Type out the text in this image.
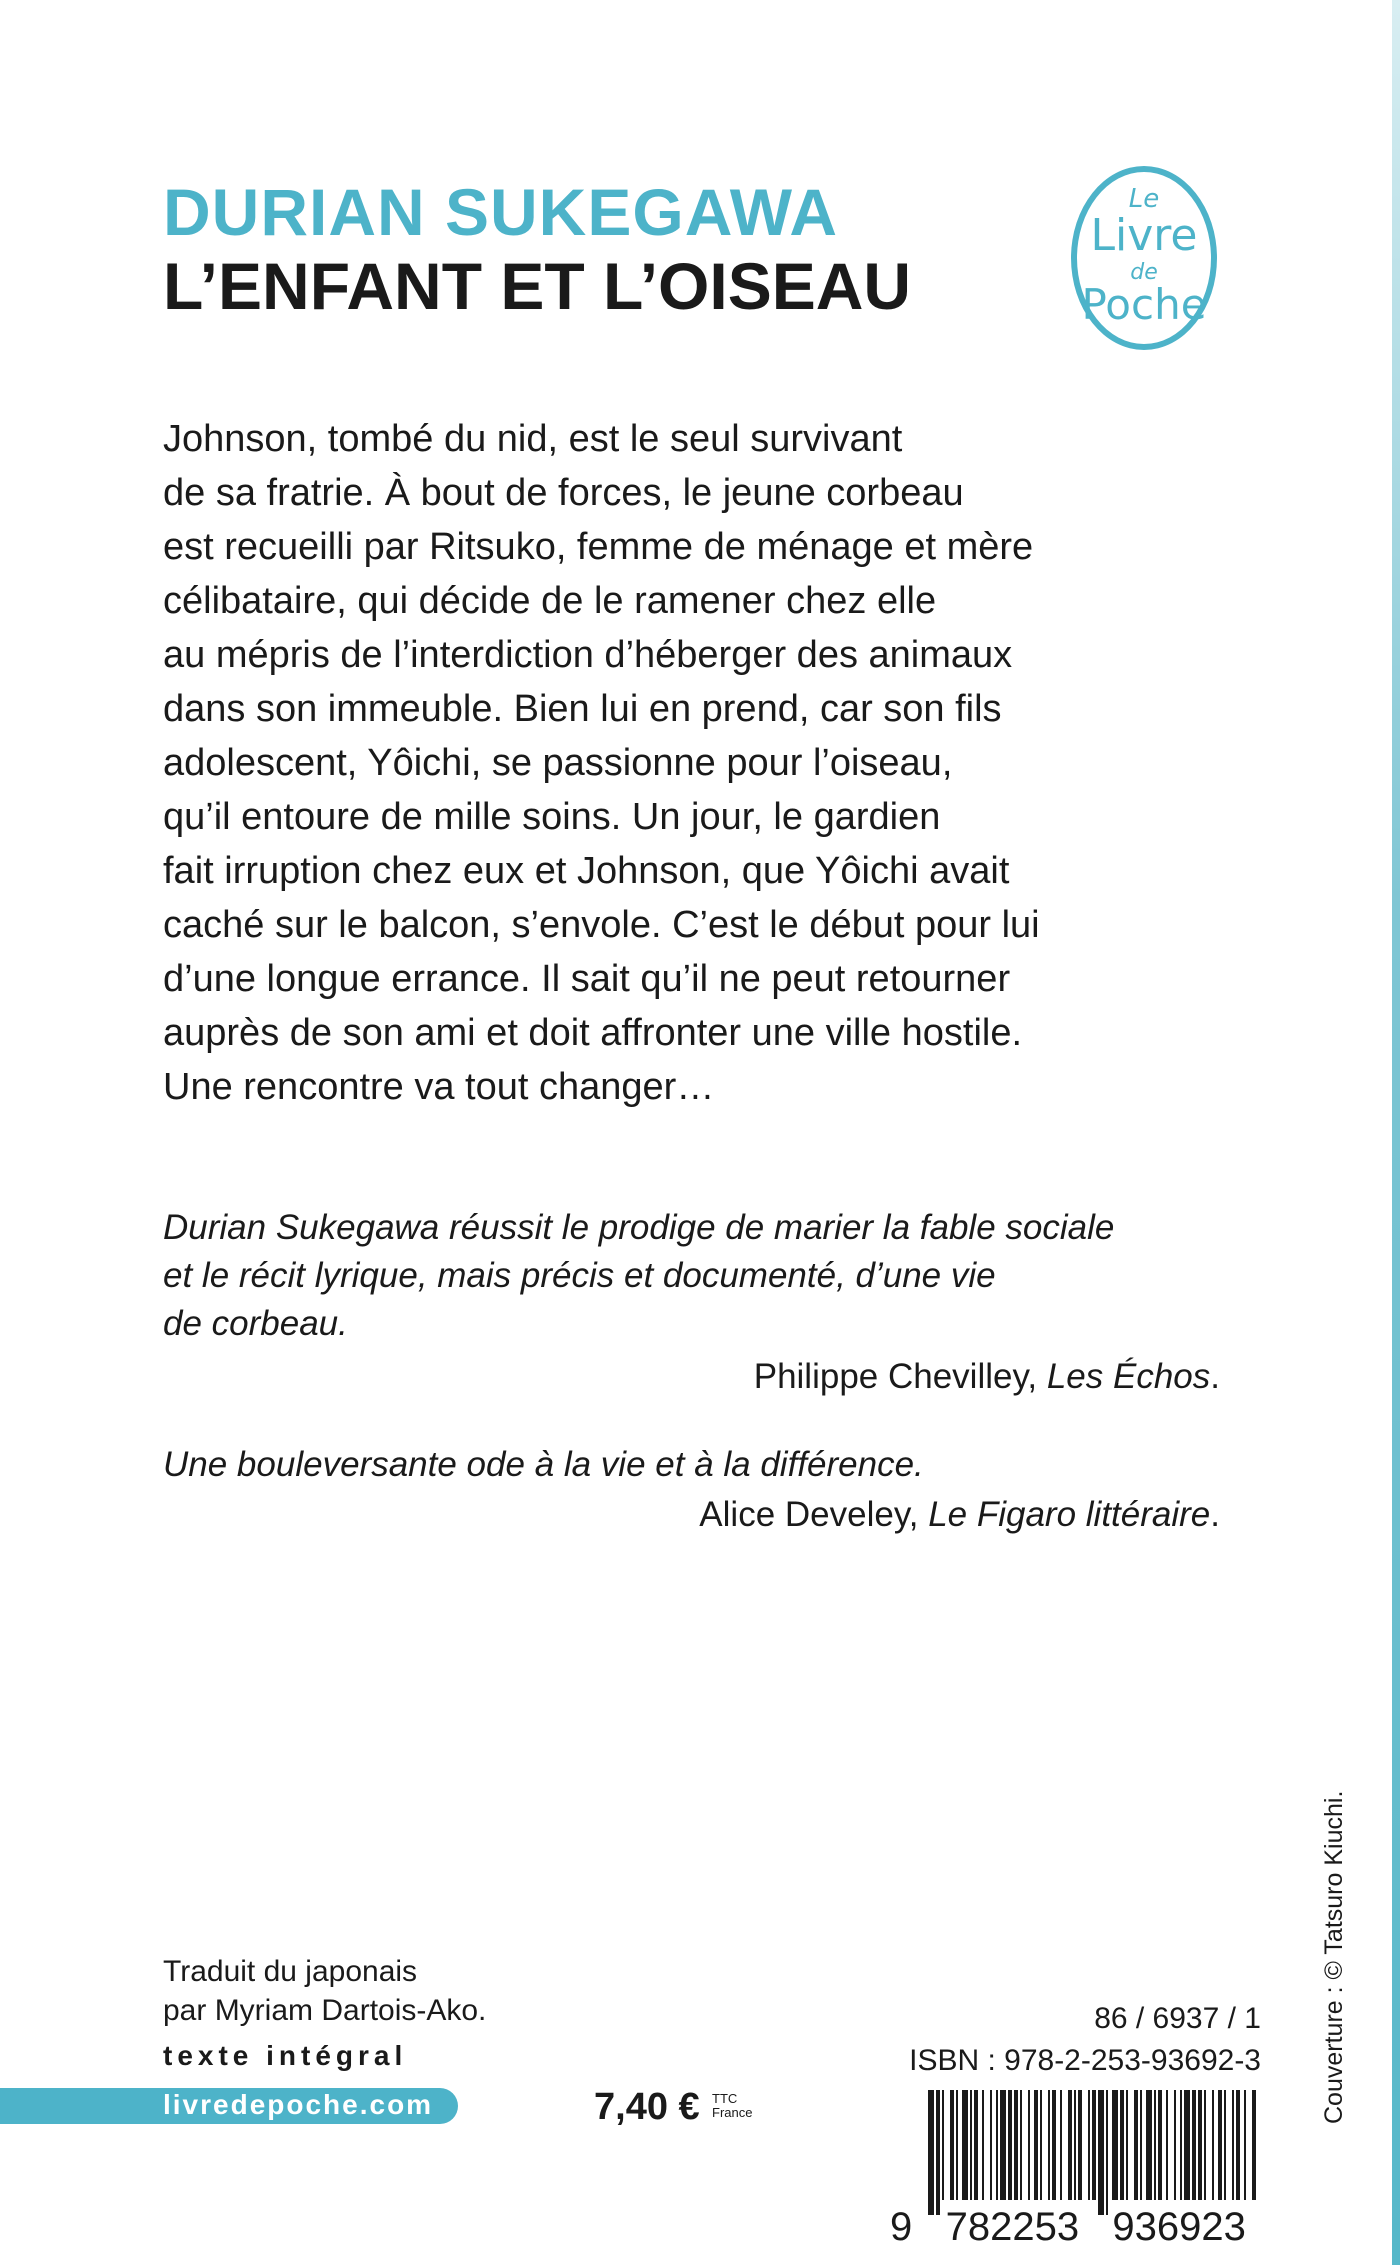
DURIAN SUKEGAWA
L’ENFANT ET L’OISEAU
Le
Livre
de
Poche

Johnson, tombé du nid, est le seul survivant
de sa fratrie. À bout de forces, le jeune corbeau
est recueilli par Ritsuko, femme de ménage et mère
célibataire, qui décide de le ramener chez elle
au mépris de l’interdiction d’héberger des animaux
dans son immeuble. Bien lui en prend, car son fils
adolescent, Yôichi, se passionne pour l’oiseau,
qu’il entoure de mille soins. Un jour, le gardien
fait irruption chez eux et Johnson, que Yôichi avait
caché sur le balcon, s’envole. C’est le début pour lui
d’une longue errance. Il sait qu’il ne peut retourner
auprès de son ami et doit affronter une ville hostile.
Une rencontre va tout changer…

Durian Sukegawa réussit le prodige de marier la fable sociale
et le récit lyrique, mais précis et documenté, d’une vie
de corbeau.

Philippe Chevilley, Les Échos.

Une bouleversante ode à la vie et à la différence.

Alice Develey, Le Figaro littéraire.
Traduit du japonais
par Myriam Dartois-Ako.
texte intégral
livredepoche.com	7,40 € TTC
France
86 / 6937 / 1
ISBN : 978-2-253-93692-3
9   782253   936923
Couverture : © Tatsuro Kiuchi.
